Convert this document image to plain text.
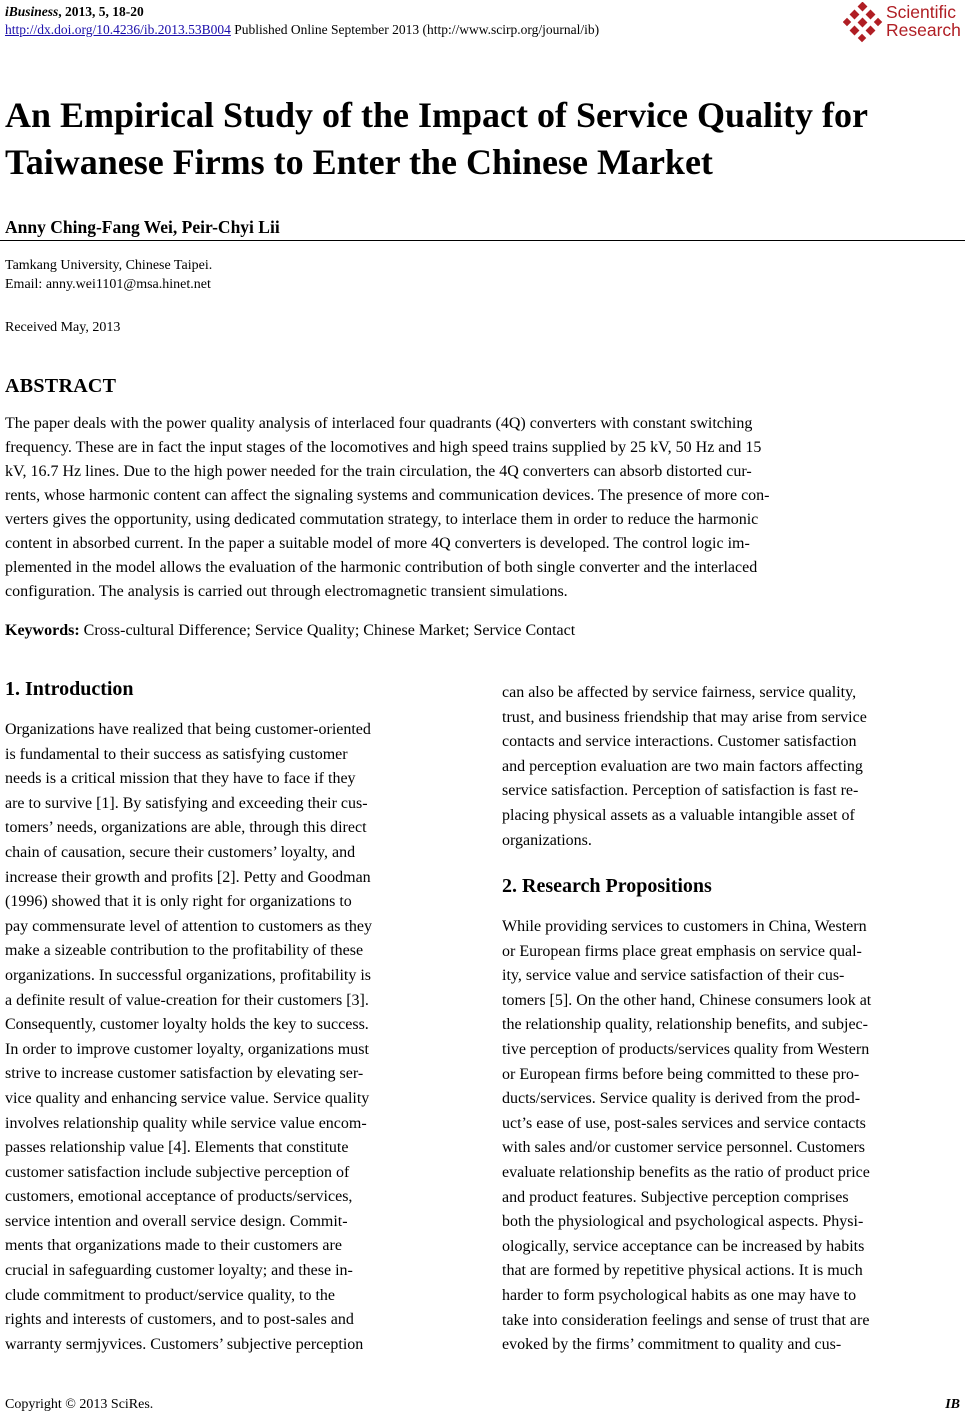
iBusiness, 2013, 5, 18-20
http://dx.doi.org/10.4236/ib.2013.53B004 Published Online September 2013 (http://www.scirp.org/journal/ib)
Scientific
Research
An Empirical Study of the Impact of Service Quality for
Taiwanese Firms to Enter the Chinese Market
Anny Ching-Fang Wei, Peir-Chyi Lii
Tamkang University, Chinese Taipei.
Email: anny.wei1101@msa.hinet.net
Received May, 2013
ABSTRACT
The paper deals with the power quality analysis of interlaced four quadrants (4Q) converters with constant switching
frequency. These are in fact the input stages of the locomotives and high speed trains supplied by 25 kV, 50 Hz and 15
kV, 16.7 Hz lines. Due to the high power needed for the train circulation, the 4Q converters can absorb distorted cur-
rents, whose harmonic content can affect the signaling systems and communication devices. The presence of more con-
verters gives the opportunity, using dedicated commutation strategy, to interlace them in order to reduce the harmonic
content in absorbed current. In the paper a suitable model of more 4Q converters is developed. The control logic im-
plemented in the model allows the evaluation of the harmonic contribution of both single converter and the interlaced
configuration. The analysis is carried out through electromagnetic transient simulations.
Keywords: Cross-cultural Difference; Service Quality; Chinese Market; Service Contact
1. Introduction
Organizations have realized that being customer-oriented
is fundamental to their success as satisfying customer
needs is a critical mission that they have to face if they
are to survive [1]. By satisfying and exceeding their cus-
tomers’ needs, organizations are able, through this direct
chain of causation, secure their customers’ loyalty, and
increase their growth and profits [2]. Petty and Goodman
(1996) showed that it is only right for organizations to
pay commensurate level of attention to customers as they
make a sizeable contribution to the profitability of these
organizations. In successful organizations, profitability is
a definite result of value-creation for their customers [3].
Consequently, customer loyalty holds the key to success.
In order to improve customer loyalty, organizations must
strive to increase customer satisfaction by elevating ser-
vice quality and enhancing service value. Service quality
involves relationship quality while service value encom-
passes relationship value [4]. Elements that constitute
customer satisfaction include subjective perception of
customers, emotional acceptance of products/services,
service intention and overall service design. Commit-
ments that organizations made to their customers are
crucial in safeguarding customer loyalty; and these in-
clude commitment to product/service quality, to the
rights and interests of customers, and to post-sales and
warranty sermjyvices. Customers’ subjective perception
can also be affected by service fairness, service quality,
trust, and business friendship that may arise from service
contacts and service interactions. Customer satisfaction
and perception evaluation are two main factors affecting
service satisfaction. Perception of satisfaction is fast re-
placing physical assets as a valuable intangible asset of
organizations.
2. Research Propositions
While providing services to customers in China, Western
or European firms place great emphasis on service qual-
ity, service value and service satisfaction of their cus-
tomers [5]. On the other hand, Chinese consumers look at
the relationship quality, relationship benefits, and subjec-
tive perception of products/services quality from Western
or European firms before being committed to these pro-
ducts/services. Service quality is derived from the prod-
uct’s ease of use, post-sales services and service contacts
with sales and/or customer service personnel. Customers
evaluate relationship benefits as the ratio of product price
and product features. Subjective perception comprises
both the physiological and psychological aspects. Physi-
ologically, service acceptance can be increased by habits
that are formed by repetitive physical actions. It is much
harder to form psychological habits as one may have to
take into consideration feelings and sense of trust that are
evoked by the firms’ commitment to quality and cus-
Copyright © 2013 SciRes.	IB
